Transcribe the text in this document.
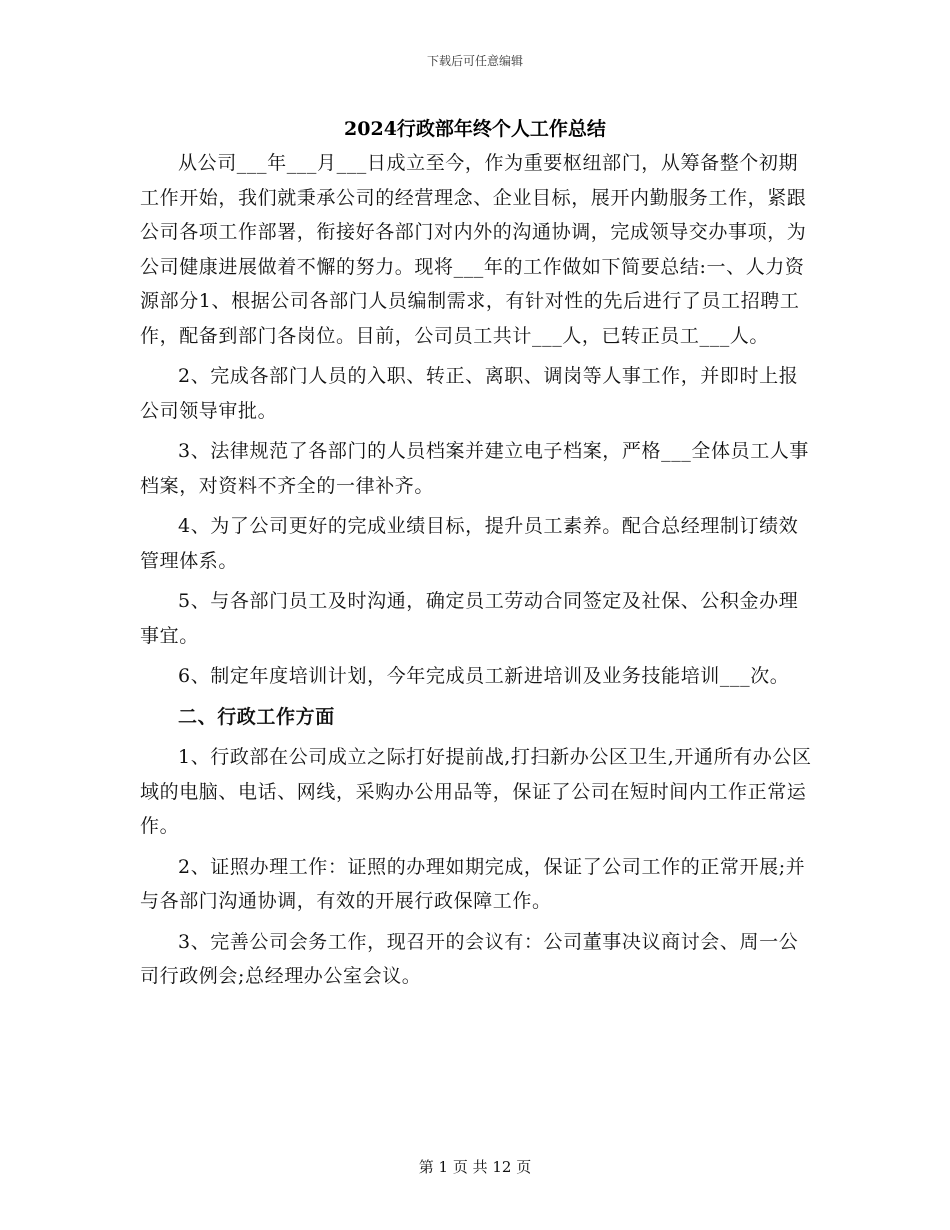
下载后可任意编辑
2024行政部年终个人工作总结

从公司___年___月___日成立至今，作为重要枢纽部门，从筹备整个初期工作开始，我们就秉承公司的经营理念、企业目标，展开内勤服务工作，紧跟公司各项工作部署，衔接好各部门对内外的沟通协调，完成领导交办事项，为公司健康进展做着不懈的努力。现将___年的工作做如下简要总结:一、人力资源部分1、根据公司各部门人员编制需求，有针对性的先后进行了员工招聘工作，配备到部门各岗位。目前，公司员工共计___人，已转正员工___人。

2、完成各部门人员的入职、转正、离职、调岗等人事工作，并即时上报公司领导审批。

3、法律规范了各部门的人员档案并建立电子档案，严格___全体员工人事档案，对资料不齐全的一律补齐。

4、为了公司更好的完成业绩目标，提升员工素养。配合总经理制订绩效管理体系。

5、与各部门员工及时沟通，确定员工劳动合同签定及社保、公积金办理事宜。

6、制定年度培训计划，今年完成员工新进培训及业务技能培训___次。

二、行政工作方面

1、行政部在公司成立之际打好提前战,打扫新办公区卫生,开通所有办公区域的电脑、电话、网线，采购办公用品等，保证了公司在短时间内工作正常运作。

2、证照办理工作：证照的办理如期完成，保证了公司工作的正常开展;并与各部门沟通协调，有效的开展行政保障工作。

3、完善公司会务工作，现召开的会议有：公司董事决议商讨会、周一公司行政例会;总经理办公室会议。

第 1 页 共 12 页
